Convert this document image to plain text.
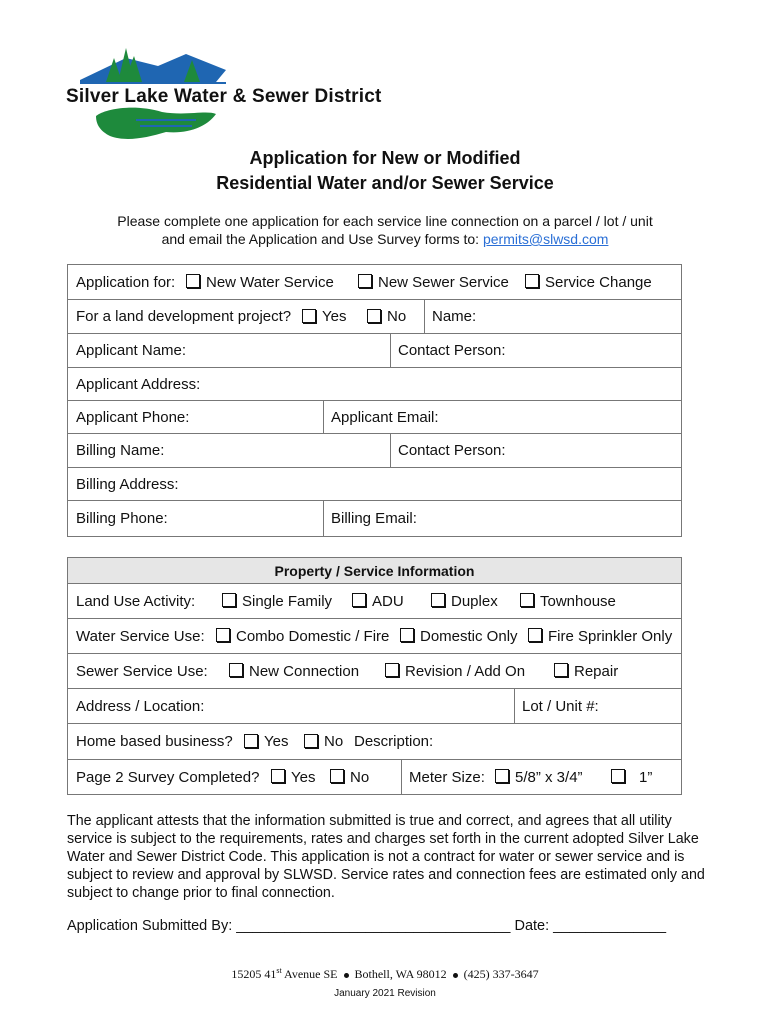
Silver Lake Water & Sewer District
Application for New or Modified
Residential Water and/or Sewer Service
Please complete one application for each service line connection on a parcel / lot / unit
and email the Application and Use Survey forms to: permits@slwsd.com
Application for: New Water Service	New Sewer Service Service Change
For a land development project? Yes	No Name:
Applicant Name:	Contact Person:
Applicant Address:
Applicant Phone:	Applicant Email:
Billing Name:	Contact Person:
Billing Address:
Billing Phone:	Billing Email:
Property / Service Information
Land Use Activity:	Single Family	ADU	Duplex	Townhouse
Water Service Use: Combo Domestic / Fire Domestic Only Fire Sprinkler Only
Sewer Service Use:	New Connection	Revision / Add On	Repair
Address / Location:	Lot / Unit #:
Home based business? Yes No Description:
Page 2 Survey Completed? Yes No	Meter Size: 5/8” x 3/4”	1”
The applicant attests that the information submitted is true and correct, and agrees that all utility service is subject to the requirements, rates and charges set forth in the current adopted Silver Lake Water and Sewer District Code. This application is not a contract for water or sewer service and is subject to review and approval by SLWSD. Service rates and connection fees are estimated only and subject to change prior to final connection.
Application Submitted By: __________________________________ Date: ______________
15205 41st Avenue SE Bothell, WA 98012 (425) 337-3647
January 2021 Revision
